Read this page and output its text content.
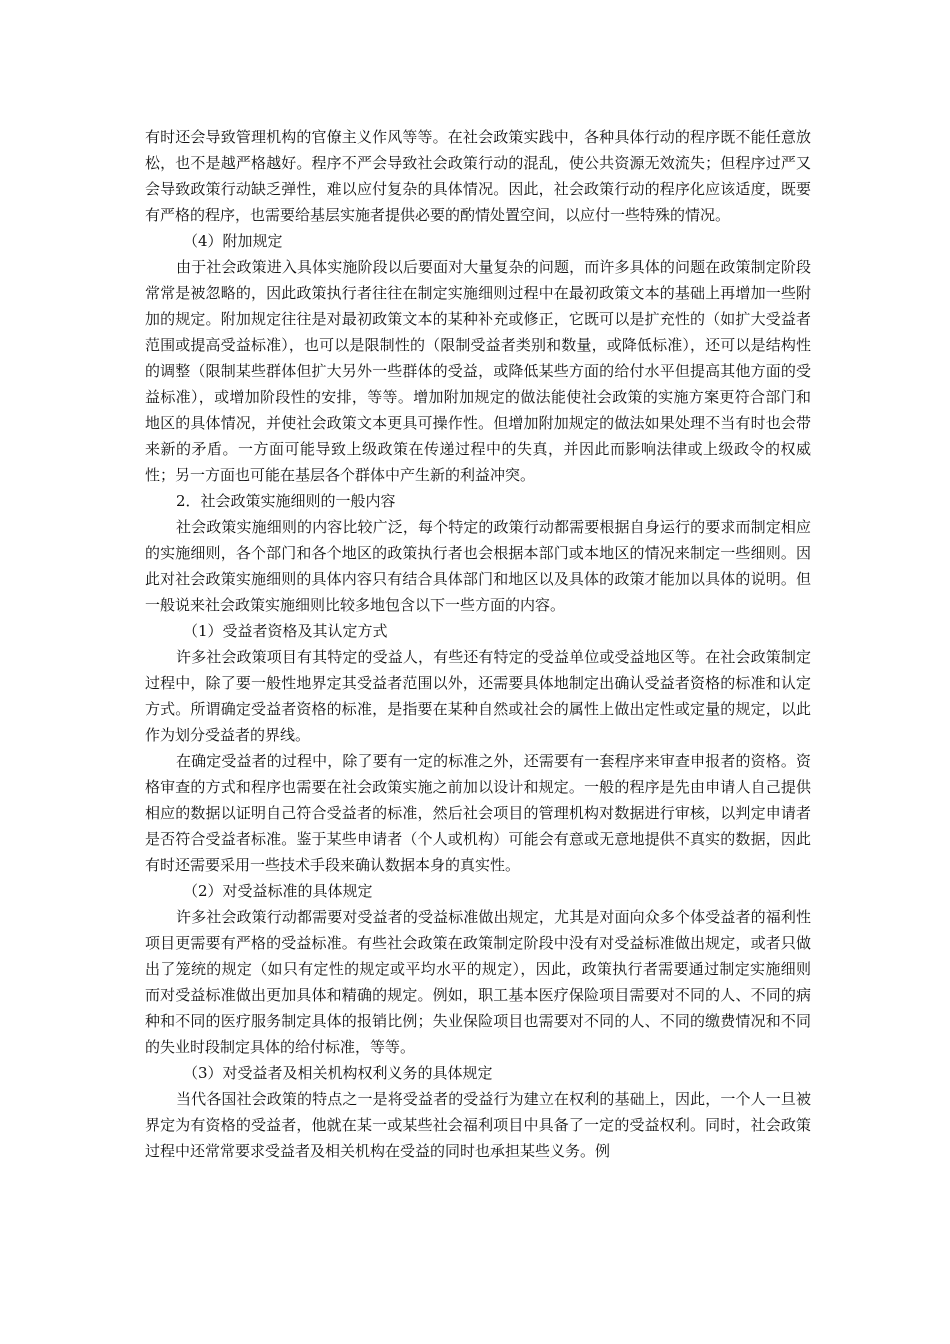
有时还会导致管理机构的官僚主义作风等等。在社会政策实践中，各种具体行动的程序既不能任意放松，也不是越严格越好。程序不严会导致社会政策行动的混乱，使公共资源无效流失；但程序过严又会导致政策行动缺乏弹性，难以应付复杂的具体情况。因此，社会政策行动的程序化应该适度，既要有严格的程序，也需要给基层实施者提供必要的酌情处置空间，以应付一些特殊的情况。

（4）附加规定

由于社会政策进入具体实施阶段以后要面对大量复杂的问题，而许多具体的问题在政策制定阶段常常是被忽略的，因此政策执行者往往在制定实施细则过程中在最初政策文本的基础上再增加一些附加的规定。附加规定往往是对最初政策文本的某种补充或修正，它既可以是扩充性的（如扩大受益者范围或提高受益标准），也可以是限制性的（限制受益者类别和数量，或降低标准），还可以是结构性的调整（限制某些群体但扩大另外一些群体的受益，或降低某些方面的给付水平但提高其他方面的受益标准），或增加阶段性的安排，等等。增加附加规定的做法能使社会政策的实施方案更符合部门和地区的具体情况，并使社会政策文本更具可操作性。但增加附加规定的做法如果处理不当有时也会带来新的矛盾。一方面可能导致上级政策在传递过程中的失真，并因此而影响法律或上级政令的权威性；另一方面也可能在基层各个群体中产生新的利益冲突。

2．社会政策实施细则的一般内容

社会政策实施细则的内容比较广泛，每个特定的政策行动都需要根据自身运行的要求而制定相应的实施细则，各个部门和各个地区的政策执行者也会根据本部门或本地区的情况来制定一些细则。因此对社会政策实施细则的具体内容只有结合具体部门和地区以及具体的政策才能加以具体的说明。但一般说来社会政策实施细则比较多地包含以下一些方面的内容。

（1）受益者资格及其认定方式

许多社会政策项目有其特定的受益人，有些还有特定的受益单位或受益地区等。在社会政策制定过程中，除了要一般性地界定其受益者范围以外，还需要具体地制定出确认受益者资格的标准和认定方式。所谓确定受益者资格的标准，是指要在某种自然或社会的属性上做出定性或定量的规定，以此作为划分受益者的界线。

在确定受益者的过程中，除了要有一定的标准之外，还需要有一套程序来审查申报者的资格。资格审查的方式和程序也需要在社会政策实施之前加以设计和规定。一般的程序是先由申请人自己提供相应的数据以证明自己符合受益者的标准，然后社会项目的管理机构对数据进行审核，以判定申请者是否符合受益者标准。鉴于某些申请者（个人或机构）可能会有意或无意地提供不真实的数据，因此有时还需要采用一些技术手段来确认数据本身的真实性。

（2）对受益标准的具体规定

许多社会政策行动都需要对受益者的受益标准做出规定，尤其是对面向众多个体受益者的福利性项目更需要有严格的受益标准。有些社会政策在政策制定阶段中没有对受益标准做出规定，或者只做出了笼统的规定（如只有定性的规定或平均水平的规定），因此，政策执行者需要通过制定实施细则而对受益标准做出更加具体和精确的规定。例如，职工基本医疗保险项目需要对不同的人、不同的病种和不同的医疗服务制定具体的报销比例；失业保险项目也需要对不同的人、不同的缴费情况和不同的失业时段制定具体的给付标准，等等。

（3）对受益者及相关机构权利义务的具体规定

当代各国社会政策的特点之一是将受益者的受益行为建立在权利的基础上，因此，一个人一旦被界定为有资格的受益者，他就在某一或某些社会福利项目中具备了一定的受益权利。同时，社会政策过程中还常常要求受益者及相关机构在受益的同时也承担某些义务。例
